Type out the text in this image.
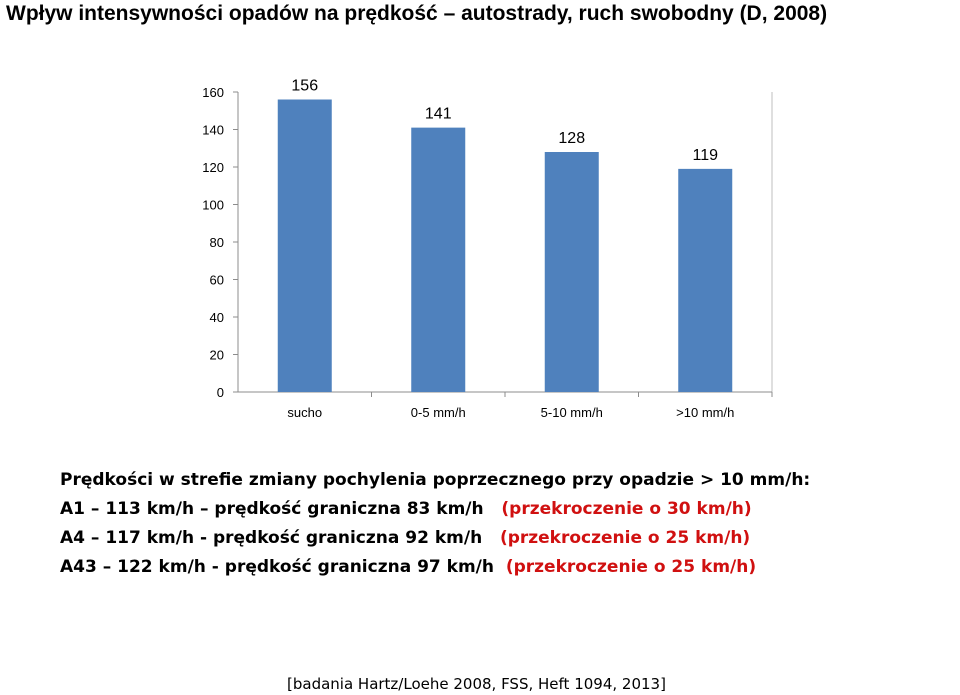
Wpływ intensywności opadów na prędkość – autostrady, ruch swobodny (D, 2008)
0
20
40
60
80
100
120
140
160	156
sucho
141
0-5 mm/h
128
5-10 mm/h
119
>10 mm/h
Prędkości w strefie zmiany pochylenia poprzecznego przy opadzie > 10 mm/h:
A1 – 113 km/h – prędkość graniczna 83 km/h (przekroczenie o 30 km/h)
A4 – 117 km/h - prędkość graniczna 92 km/h (przekroczenie o 25 km/h)
A43 – 122 km/h - prędkość graniczna 97 km/h (przekroczenie o 25 km/h)
[badania Hartz/Loehe 2008, FSS, Heft 1094, 2013]
